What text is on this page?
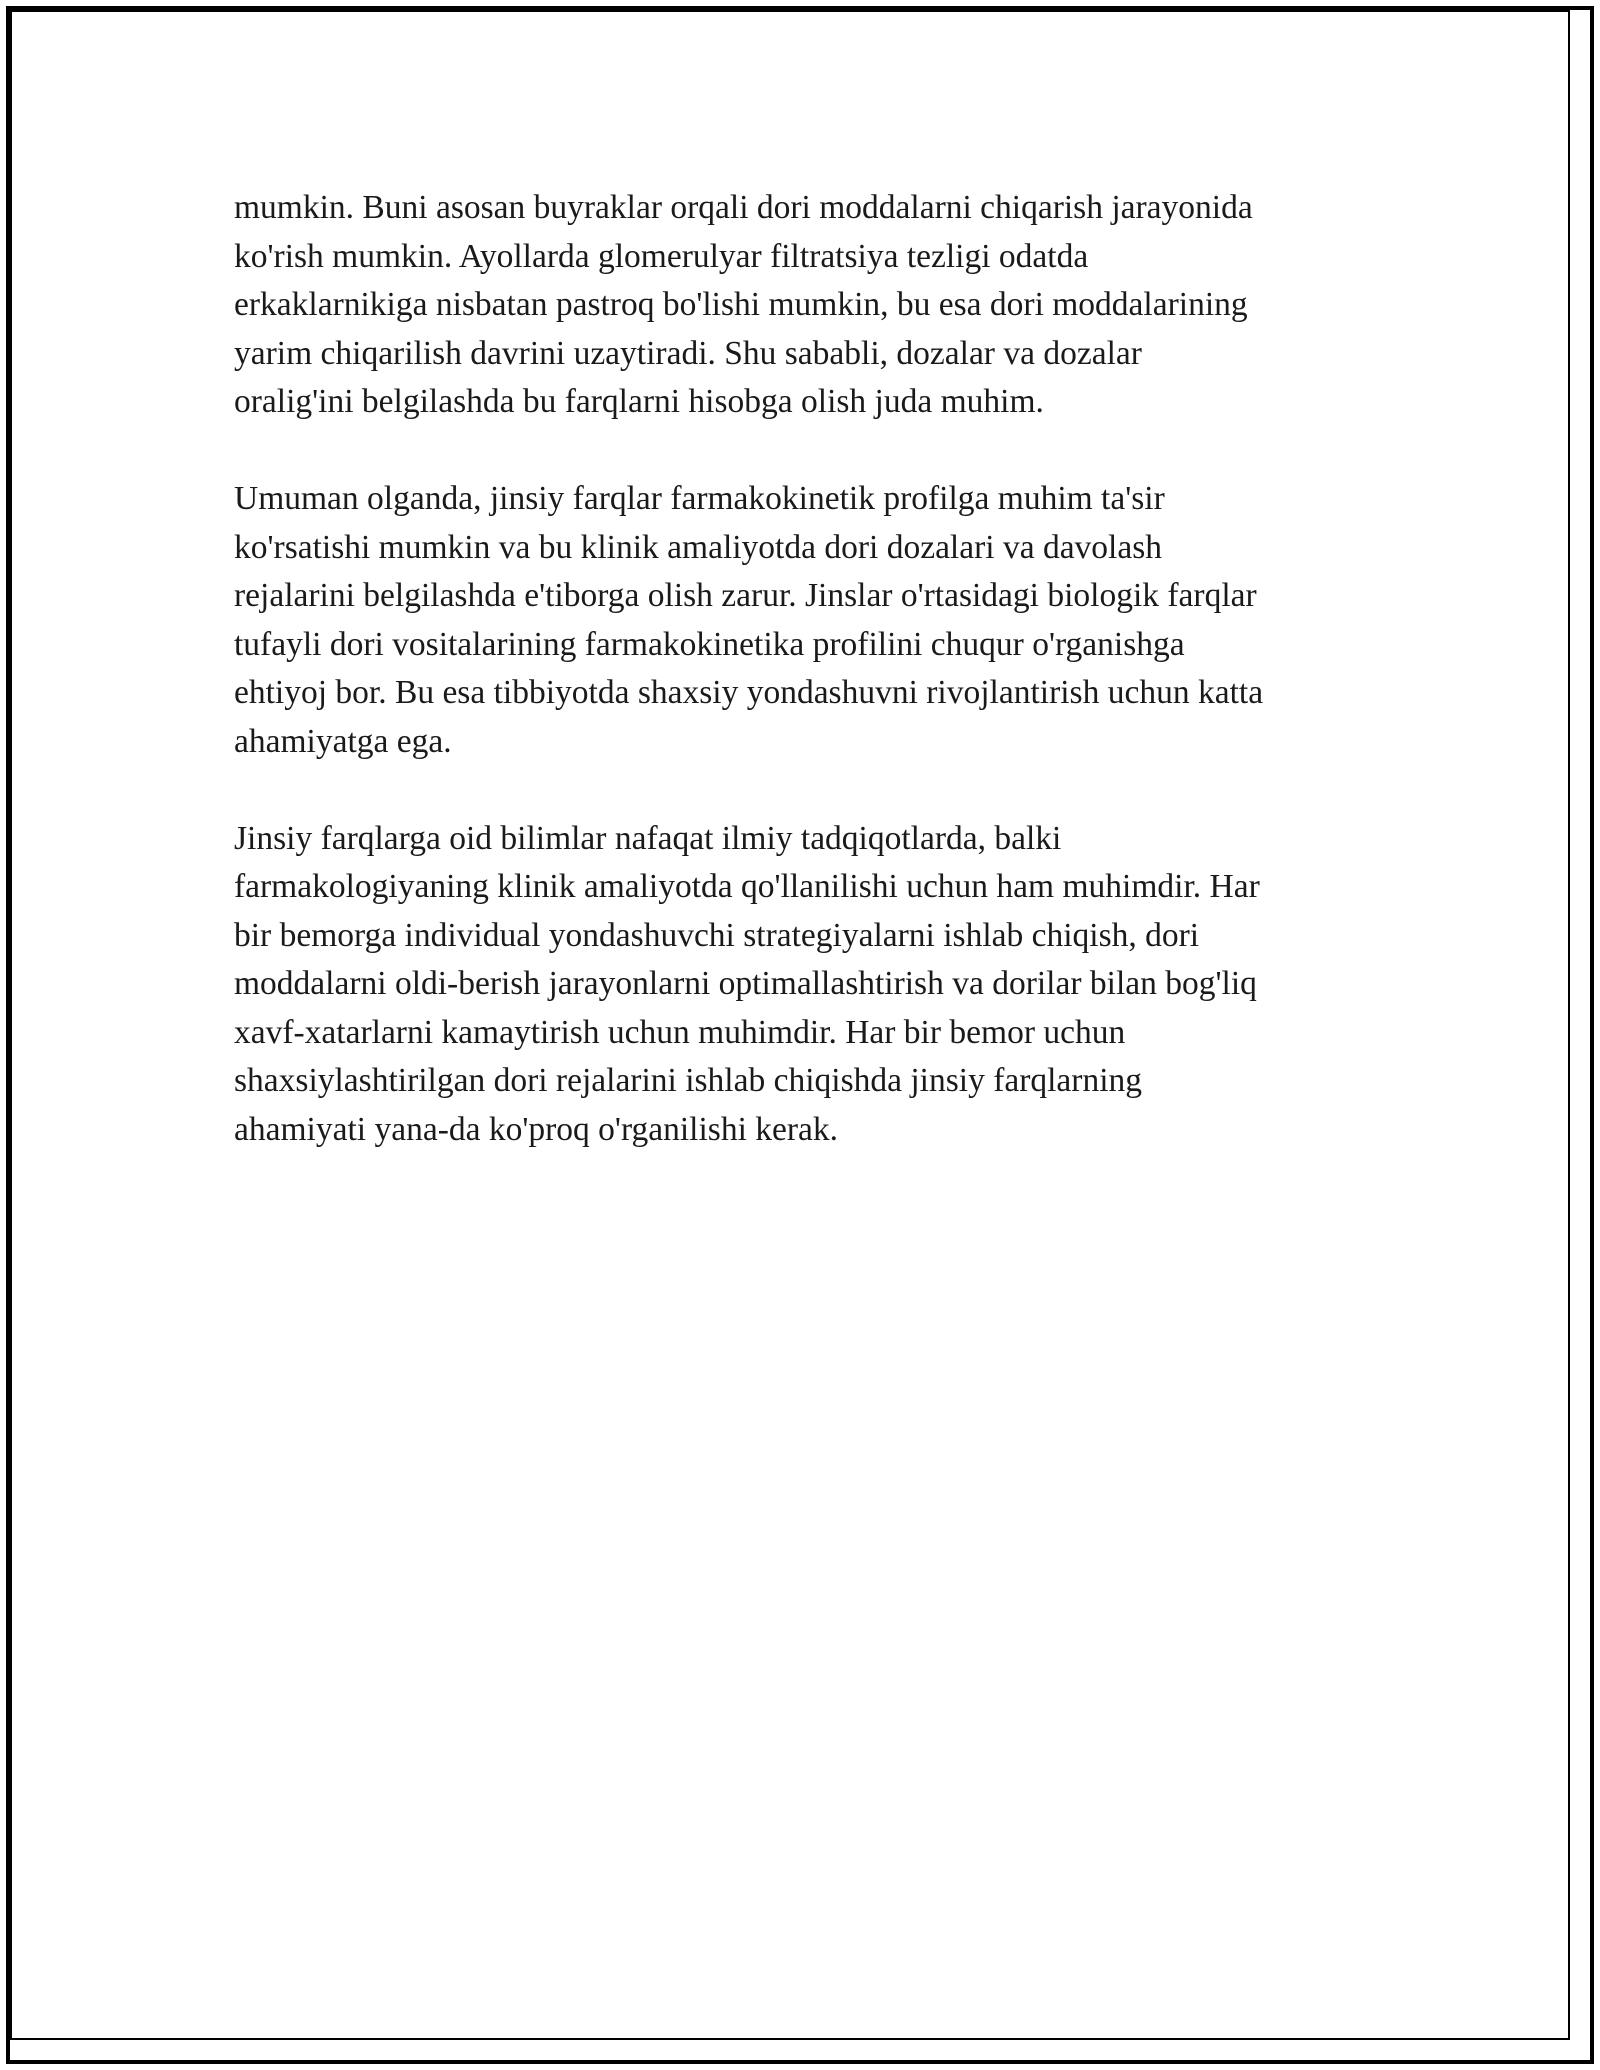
mumkin. Buni asosan buyraklar orqali dori moddalarni chiqarish jarayonida
ko'rish mumkin. Ayollarda glomerulyar filtratsiya tezligi odatda
erkaklarnikiga nisbatan pastroq bo'lishi mumkin, bu esa dori moddalarining
yarim chiqarilish davrini uzaytiradi. Shu sababli, dozalar va dozalar
oralig'ini belgilashda bu farqlarni hisobga olish juda muhim.

Umuman olganda, jinsiy farqlar farmakokinetik profilga muhim ta'sir
ko'rsatishi mumkin va bu klinik amaliyotda dori dozalari va davolash
rejalarini belgilashda e'tiborga olish zarur. Jinslar o'rtasidagi biologik farqlar
tufayli dori vositalarining farmakokinetika profilini chuqur o'rganishga
ehtiyoj bor. Bu esa tibbiyotda shaxsiy yondashuvni rivojlantirish uchun katta
ahamiyatga ega.

Jinsiy farqlarga oid bilimlar nafaqat ilmiy tadqiqotlarda, balki
farmakologiyaning klinik amaliyotda qo'llanilishi uchun ham muhimdir. Har
bir bemorga individual yondashuvchi strategiyalarni ishlab chiqish, dori
moddalarni oldi-berish jarayonlarni optimallashtirish va dorilar bilan bog'liq
xavf-xatarlarni kamaytirish uchun muhimdir. Har bir bemor uchun
shaxsiylashtirilgan dori rejalarini ishlab chiqishda jinsiy farqlarning
ahamiyati yana-da ko'proq o'rganilishi kerak.
